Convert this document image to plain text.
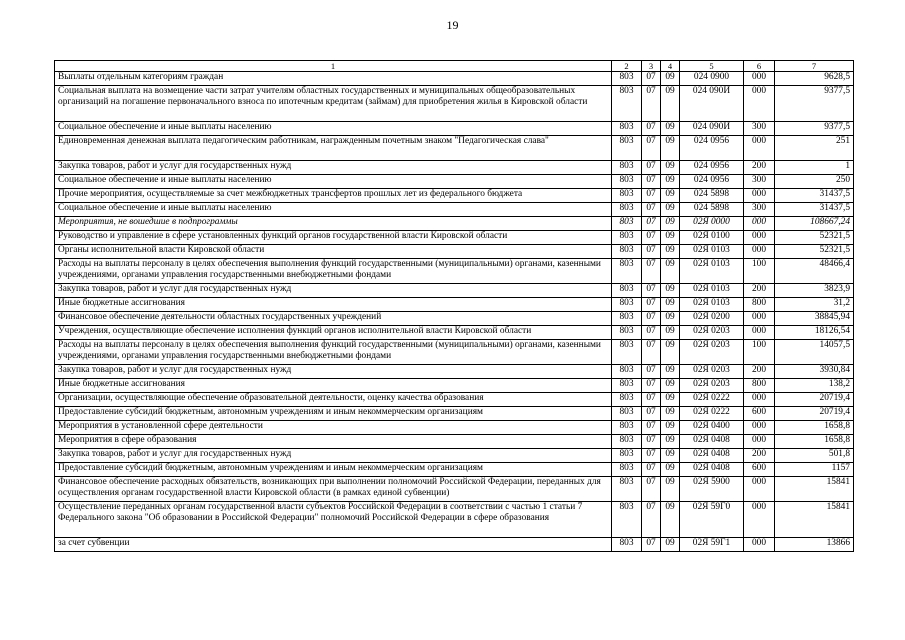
19
1	2	3	4	5	6	7
Выплаты отдельным категориям граждан	803	07	09	024 0900	000	9628,5
Социальная выплата на возмещение части затрат учителям областных государственных и муниципальных общеобразовательных организаций на погашение первоначального взноса по ипотечным кредитам (займам) для приобретения жилья в Кировской области	803	07	09	024 090И	000	9377,5
Социальное обеспечение и иные выплаты населению	803	07	09	024 090И	300	9377,5
Единовременная денежная выплата педагогическим работникам, награжденным почетным знаком "Педагогическая слава"	803	07	09	024 0956	000	251
Закупка товаров, работ и услуг для государственных нужд	803	07	09	024 0956	200	1
Социальное обеспечение и иные выплаты населению	803	07	09	024 0956	300	250
Прочие мероприятия, осуществляемые за счет межбюджетных трансфертов прошлых лет из федерального бюджета	803	07	09	024 5898	000	31437,5
Социальное обеспечение и иные выплаты населению	803	07	09	024 5898	300	31437,5
Мероприятия, не вошедшие в подпрограммы	803	07	09	02Я 0000	000	108667,24
Руководство и управление в сфере установленных функций органов государственной власти Кировской области	803	07	09	02Я 0100	000	52321,5
Органы исполнительной власти Кировской области	803	07	09	02Я 0103	000	52321,5
Расходы на выплаты персоналу в целях обеспечения выполнения функций государственными (муниципальными) органами, казенными учреждениями, органами управления государственными внебюджетными фондами	803	07	09	02Я 0103	100	48466,4
Закупка товаров, работ и услуг для государственных нужд	803	07	09	02Я 0103	200	3823,9
Иные бюджетные ассигнования	803	07	09	02Я 0103	800	31,2
Финансовое обеспечение деятельности областных государственных учреждений	803	07	09	02Я 0200	000	38845,94
Учреждения, осуществляющие обеспечение исполнения функций органов исполнительной власти Кировской области	803	07	09	02Я 0203	000	18126,54
Расходы на выплаты персоналу в целях обеспечения выполнения функций государственными (муниципальными) органами, казенными учреждениями, органами управления государственными внебюджетными фондами	803	07	09	02Я 0203	100	14057,5
Закупка товаров, работ и услуг для государственных нужд	803	07	09	02Я 0203	200	3930,84
Иные бюджетные ассигнования	803	07	09	02Я 0203	800	138,2
Организации, осуществляющие обеспечение образовательной деятельности, оценку качества образования	803	07	09	02Я 0222	000	20719,4
Предоставление субсидий бюджетным, автономным учреждениям и иным некоммерческим организациям	803	07	09	02Я 0222	600	20719,4
Мероприятия в установленной сфере деятельности	803	07	09	02Я 0400	000	1658,8
Мероприятия в сфере образования	803	07	09	02Я 0408	000	1658,8
Закупка товаров, работ и услуг для государственных нужд	803	07	09	02Я 0408	200	501,8
Предоставление субсидий бюджетным, автономным учреждениям и иным некоммерческим организациям	803	07	09	02Я 0408	600	1157
Финансовое обеспечение расходных обязательств, возникающих при выполнении полномочий Российской Федерации, переданных для осуществления органам государственной власти Кировской области (в рамках единой субвенции)	803	07	09	02Я 5900	000	15841
Осуществление переданных органам государственной власти субъектов Российской Федерации в соответствии с частью 1 статьи 7 Федерального закона "Об образовании в Российской Федерации" полномочий Российской Федерации в сфере образования	803	07	09	02Я 59Г0	000	15841
за счет субвенции	803	07	09	02Я 59Г1	000	13866
